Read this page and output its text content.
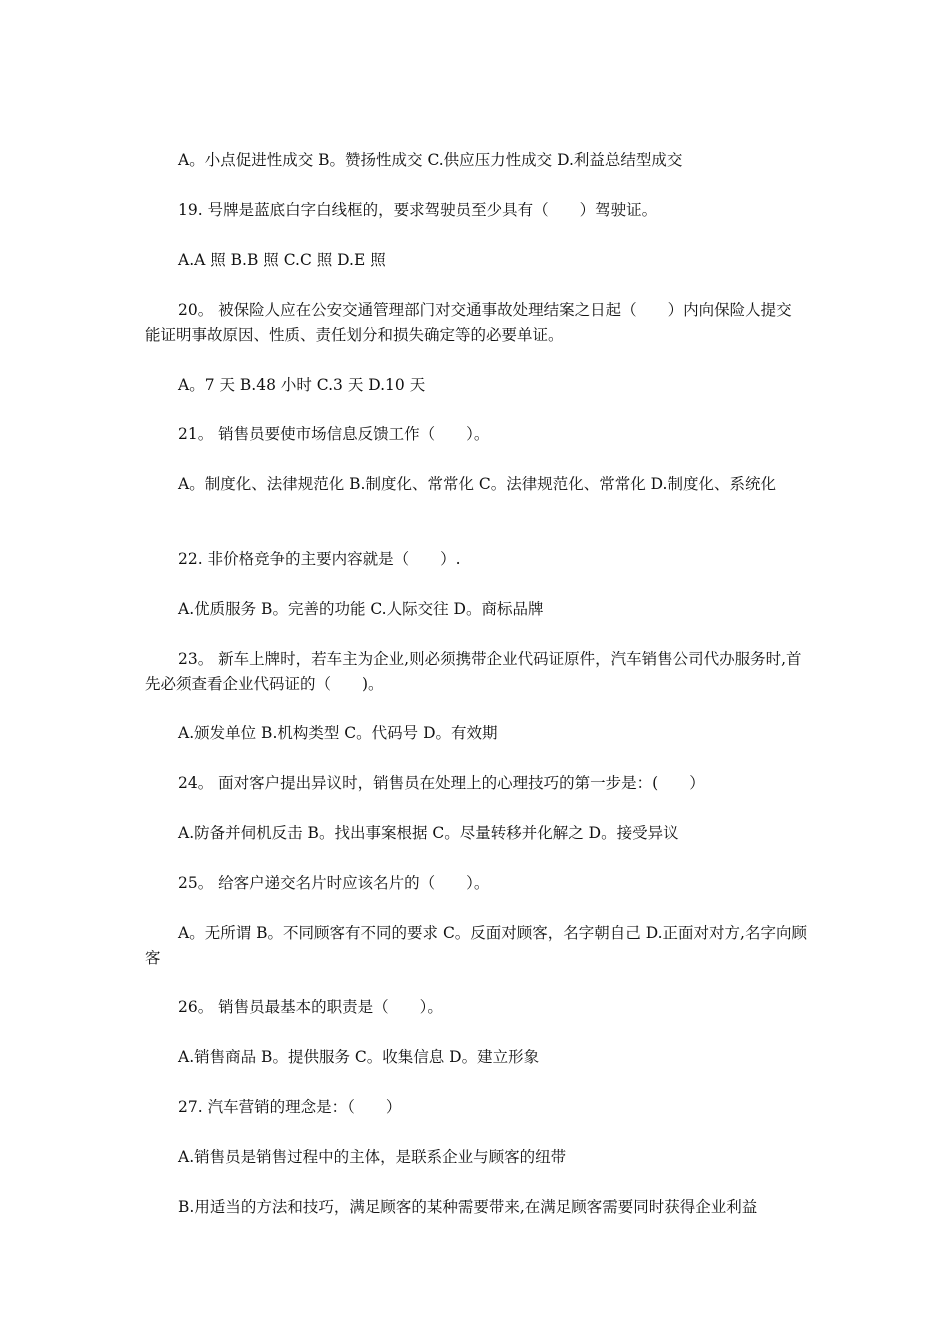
A。小点促进性成交 B。赞扬性成交 C.供应压力性成交 D.利益总结型成交

19. 号牌是蓝底白字白线框的，要求驾驶员至少具有（　　）驾驶证。

A.A 照 B.B 照 C.C 照 D.E 照

20。 被保险人应在公安交通管理部门对交通事故处理结案之日起（　　）内向保险人提交能证明事故原因、性质、责任划分和损失确定等的必要单证。

A。7 天 B.48 小时 C.3 天 D.10 天

21。 销售员要使市场信息反馈工作（　　）。

A。制度化、法律规范化 B.制度化、常常化 C。法律规范化、常常化 D.制度化、系统化

22. 非价格竞争的主要内容就是（　　）.

A.优质服务 B。完善的功能 C.人际交往 D。商标品牌

23。 新车上牌时，若车主为企业,则必须携带企业代码证原件，汽车销售公司代办服务时,首先必须查看企业代码证的（　　)。

A.颁发单位 B.机构类型 C。代码号 D。有效期

24。 面对客户提出异议时，销售员在处理上的心理技巧的第一步是：(　　）

A.防备并伺机反击 B。找出事案根据 C。尽量转移并化解之 D。接受异议

25。 给客户递交名片时应该名片的（　　）。

A。无所谓 B。不同顾客有不同的要求 C。反面对顾客，名字朝自己 D.正面对对方,名字向顾客

26。 销售员最基本的职责是（　　）。

A.销售商品 B。提供服务 C。收集信息 D。建立形象

27. 汽车营销的理念是：（　　）

A.销售员是销售过程中的主体，是联系企业与顾客的纽带

B.用适当的方法和技巧，满足顾客的某种需要带来,在满足顾客需要同时获得企业利益
